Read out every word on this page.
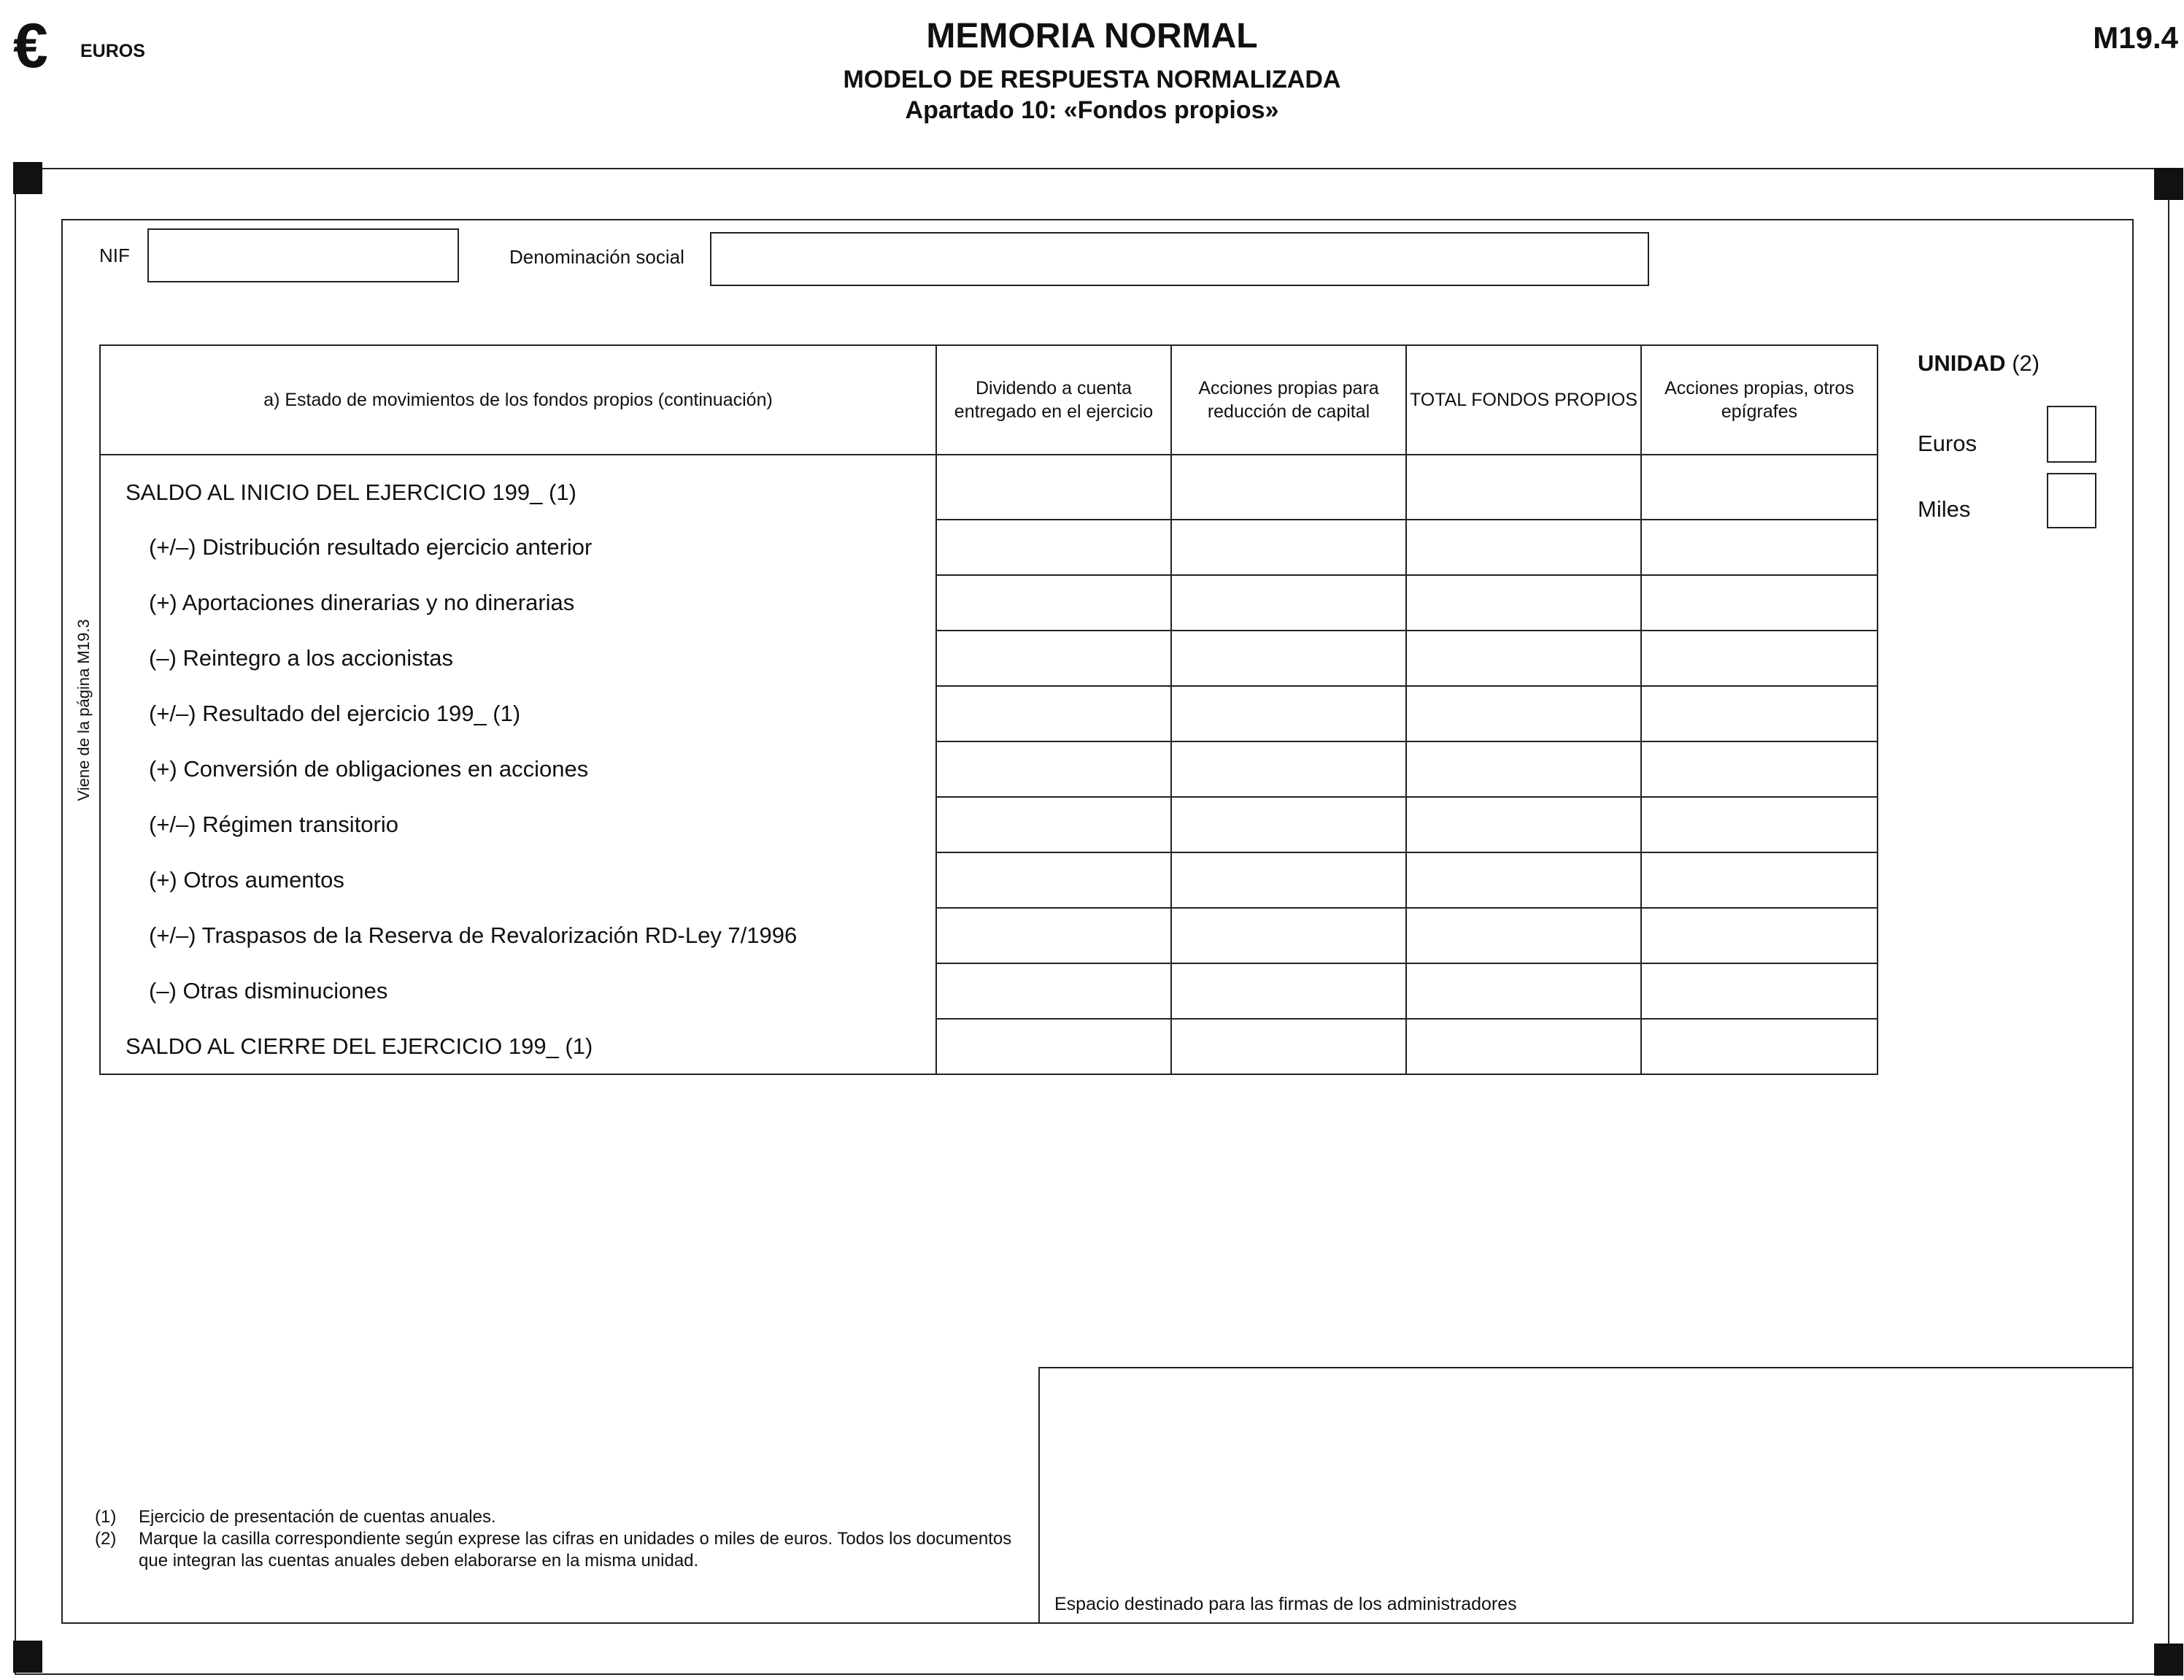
€ EUROS	MEMORIA NORMAL
MODELO DE RESPUESTA NORMALIZADA
Apartado 10: «Fondos propios»
M19.4
Viene de la página M19.3
NIF	Denominación social
a) Estado de movimientos de los fondos propios (continuación)	Dividendo a cuenta entregado en el ejercicio	Acciones propias para reducción de capital	TOTAL FONDOS PROPIOS	Acciones propias, otros epígrafes
SALDO AL INICIO DEL EJERCICIO 199_ (1)				
(+/–) Distribución resultado ejercicio anterior				
(+) Aportaciones dinerarias y no dinerarias				
(–) Reintegro a los accionistas				
(+/–) Resultado del ejercicio 199_ (1)				
(+) Conversión de obligaciones en acciones				
(+/–) Régimen transitorio				
(+) Otros aumentos				
(+/–) Traspasos de la Reserva de Revalorización RD-Ley 7/1996				
(–) Otras disminuciones				
SALDO AL CIERRE DEL EJERCICIO 199_ (1)				
UNIDAD (2)
Euros
Miles
(1)	Ejercicio de presentación de cuentas anuales.
(2)	Marque la casilla correspondiente según exprese las cifras en unidades o miles de euros. Todos los documentos que integran las cuentas anuales deben elaborarse en la misma unidad.
Espacio destinado para las firmas de los administradores
